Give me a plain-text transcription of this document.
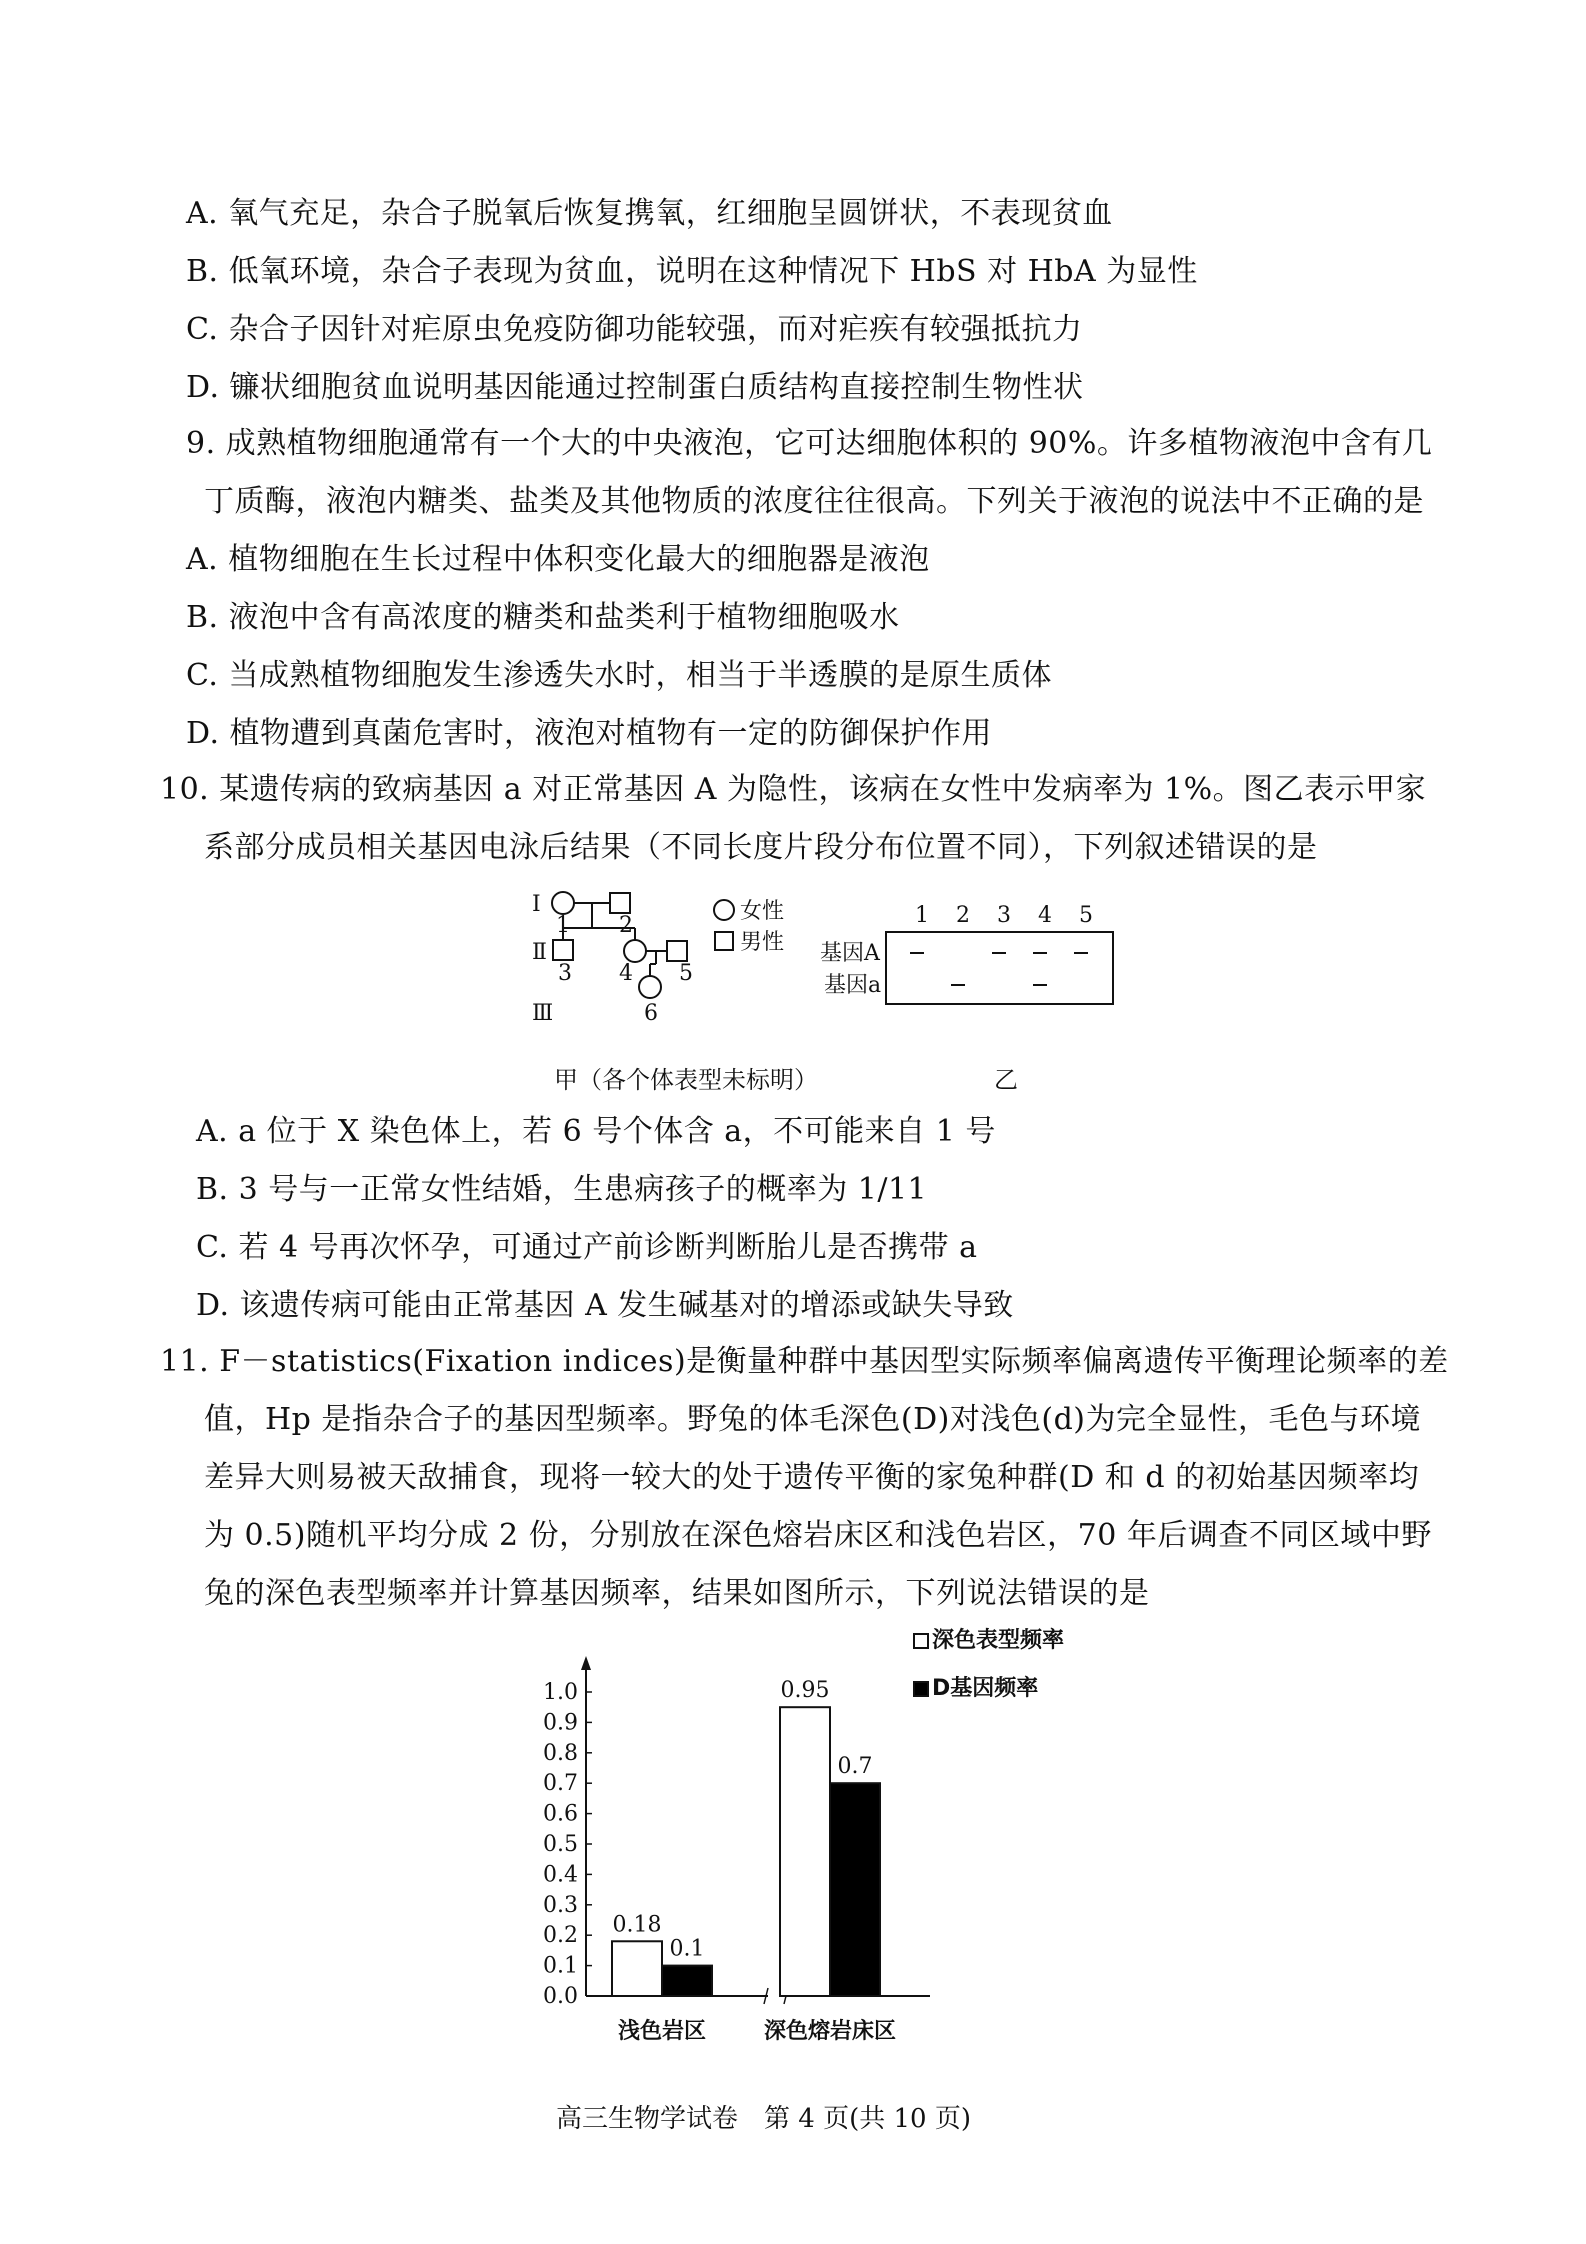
A. 氧气充足，杂合子脱氧后恢复携氧，红细胞呈圆饼状，不表现贫血
B. 低氧环境，杂合子表现为贫血，说明在这种情况下 HbS 对 HbA 为显性
C. 杂合子因针对疟原虫免疫防御功能较强，而对疟疾有较强抵抗力
D. 镰状细胞贫血说明基因能通过控制蛋白质结构直接控制生物性状
9. 成熟植物细胞通常有一个大的中央液泡，它可达细胞体积的 90%。许多植物液泡中含有几
丁质酶，液泡内糖类、盐类及其他物质的浓度往往很高。下列关于液泡的说法中不正确的是
A. 植物细胞在生长过程中体积变化最大的细胞器是液泡
B. 液泡中含有高浓度的糖类和盐类利于植物细胞吸水
C. 当成熟植物细胞发生渗透失水时，相当于半透膜的是原生质体
D. 植物遭到真菌危害时，液泡对植物有一定的防御保护作用
10. 某遗传病的致病基因 a 对正常基因 A 为隐性，该病在女性中发病率为 1%。图乙表示甲家
系部分成员相关基因电泳后结果（不同长度片段分布位置不同），下列叙述错误的是
Ⅰ
Ⅱ
Ⅲ
1 2
3 4 5
6
女性
男性
1 2 3 4 5
基因A
基因a
甲（各个体表型未标明）	乙
A. a 位于 X 染色体上，若 6 号个体含 a，不可能来自 1 号
B. 3 号与一正常女性结婚，生患病孩子的概率为 1/11
C. 若 4 号再次怀孕，可通过产前诊断判断胎儿是否携带 a
D. 该遗传病可能由正常基因 A 发生碱基对的增添或缺失导致
11. F－statistics(Fixation indices)是衡量种群中基因型实际频率偏离遗传平衡理论频率的差
值，Hp 是指杂合子的基因型频率。野兔的体毛深色(D)对浅色(d)为完全显性，毛色与环境
差异大则易被天敌捕食，现将一较大的处于遗传平衡的家兔种群(D 和 d 的初始基因频率均
为 0.5)随机平均分成 2 份，分别放在深色熔岩床区和浅色岩区，70 年后调查不同区域中野
兔的深色表型频率并计算基因频率，结果如图所示，下列说法错误的是
0.0
0.1
0.2
0.3
0.4
0.5
0.6
0.7
0.8
0.9
1.0
0.18
0.1
浅色岩区
0.95
0.7
深色熔岩床区
深色表型频率
D基因频率
高三生物学试卷　第 4 页(共 10 页)
